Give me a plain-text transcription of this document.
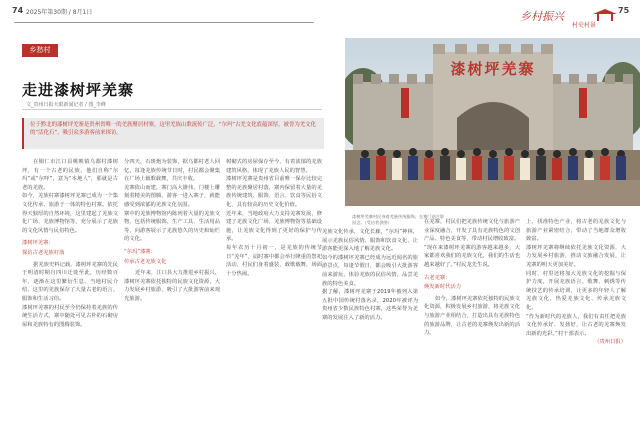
74 2025年第30期 / 8月1日	75
乡村振兴
村史村景
乡愁村
走进漆树坪羌寨
文_贵州日报天眼新闻记者 / 图_李峰

位于黔北的漆树坪羌寨是贵州省唯一的羌族聚居村寨，这里羌族山歌流传广泛，“尔玛”古羌文化底蕴深厚，被誉为羌文化的“活化石”，吸引众多游客前来探访。

在铜仁市江口县桃映镇乌都村漆树坪，有一个古老的民族，他们自称“尔玛”或“尔咩”，意为“本地人”，那就是古老的羌族。
如今，羌族村寨漆树坪羌寨已成为一个集文化传承、旅游于一体的特色村寨。依托得天独厚的自然环境，这里建起了羌族文化广场、羌族博物馆等，充分展示了羌族的文化风情与民俗特色。

漆树坪羌寨：

探访古老羌族村落

据羌族史料记载，漆树坪羌寨的先民于明清时期自四川迁徙至此，历经数百年，逐渐在这里繁衍生息。当地村民介绍，这里的羌族保存了大量古老的语言、服饰和生活习俗。
漆树坪羌寨的村民至今仍保持着羌族的传统生活方式，寨中随处可见古朴的石砌房屋和羌族特有的图腾装饰。
分四天，石斑炮为装饰，据乌都村老人回忆，每逢羌族传统节日时，村民都会聚集在广场上载歌载舞，共庆丰收。
羌寨依山而建，寨门高大雄伟，门楼上雕刻着精美的图腾，游客一进入寨子，就能感受到浓郁的羌族文化氛围。
寨中的羌族博物馆内陈列着大量的羌族文物，包括传统服饰、生产工具、生活用品等，向游客展示了羌族悠久的历史和灿烂的文化。

“尔玛”漆寨：

传承古老羌族文化

近年来，江口县大力推进乡村振兴，漆树坪羌寨依托独特的民族文化资源，大力发展乡村旅游，吸引了大批游客前来观光旅游。
树砌式的房屋保存至今，有着浓郁的羌族建筑风格，体现了羌族人民的智慧。
漆树坪羌寨是贵州省目前唯一保存比较完整的羌族聚居村落，寨内保留着大量的羌族传统建筑、服饰、语言、饮食等民俗文化，具有较高的历史文化价值。
近年来，当地政府大力支持羌寨发展，修建了羌族文化广场、羌族博物馆等基础设施，让羌族文化得到了更好的保护与传承。
每年农历十月初一，是羌族的传统节日“羌年”，届时寨中都会举行隆重的祭祀活动，村民们身着盛装，载歌载舞，场面十分热闹。
漆树坪羌寨
漆树坪羌寨村民身着羌族传统服饰，在寨门前合影留念。（受访者供图）
羌族文化传承，文化长廊，“尔玛”神林，展示羌族民俗风情、服饰和饮食文化，让游客能更深入地了解羌族文化。
如今的漆树坪羌寨已经成为远近闻名的旅游景点，每逢节假日，都会吸引大批游客前来游玩，体验羌族的民俗风情，品尝羌族的特色美食。
据了解，漆树坪羌寨于2019年被列入第五批中国传统村落名录，2020年被评为贵州省少数民族特色村寨，这些荣誉为羌寨的发展注入了新的活力。
在羌寨，村民们把羌族传统文化与旅游产业深度融合，开发了具有羌族特色的文创产品、特色美食等，带动村民增收致富。
“现在来漆树坪羌寨的游客越来越多，大家都喜欢我们的羌族文化，我们的生活也越来越好了。”村民龙先生说。

古老羌寨：

焕发新时代活力

如今，漆树坪羌寨依托独特的民族文化资源，积极发展乡村旅游，将羌族文化与旅游产业相结合，打造出具有羌族特色的旅游品牌，让古老的羌寨焕发出新的活力。
上，找准特色产业，将古老的羌族文化与旅游产业紧密结合，带动了当地群众增收致富。
漆树坪羌寨将继续依托羌族文化资源，大力发展乡村旅游，推动文旅融合发展，让羌寨的明天更加美好。
同时，村里还将加大羌族文化的挖掘与保护力度，开展羌族语言、歌舞、刺绣等传统技艺的传承培训，让更多的年轻人了解羌族文化、热爱羌族文化、传承羌族文化。
“作为新时代的羌族人，我们有责任把羌族文化传承好、发扬好，让古老的羌寨焕发出新的光彩。”村干部表示。
（贵州日报）
